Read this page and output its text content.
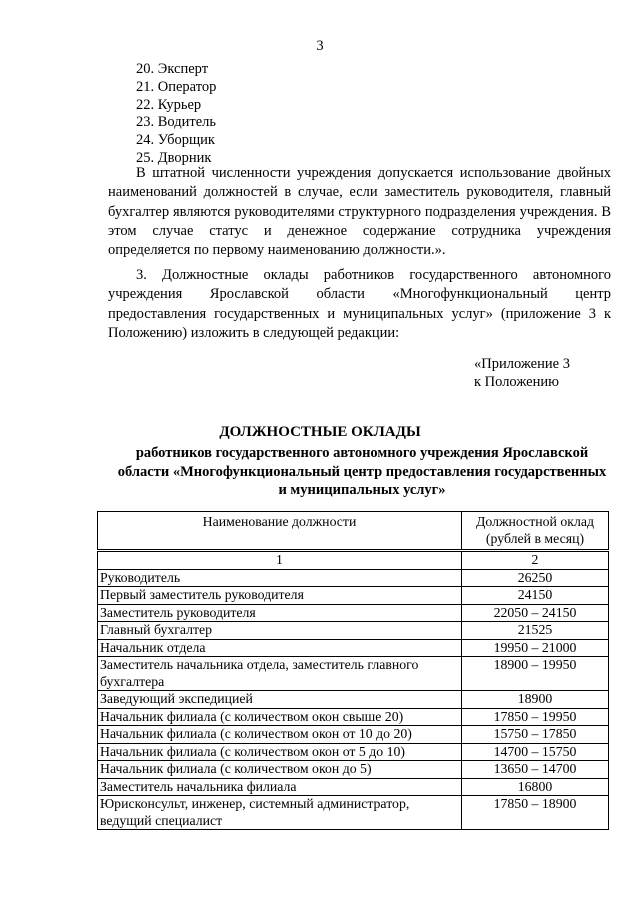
3
20. Эксперт
21. Оператор
22. Курьер
23. Водитель
24. Уборщик
25. Дворник

В штатной численности учреждения допускается использование двойных наименований должностей в случае, если заместитель руководителя, главный бухгалтер являются руководителями структурного подразделения учреждения. В этом случае статус и денежное содержание сотрудника учреждения определяется по первому наименованию должности.».

3. Должностные оклады работников государственного автономного учреждения Ярославской области «Многофункциональный центр предоставления государственных и муниципальных услуг» (приложение 3 к Положению) изложить в следующей редакции:

«Приложение 3
к Положению
ДОЛЖНОСТНЫЕ ОКЛАДЫ
работников государственного автономного учреждения Ярославской области «Многофункциональный центр предоставления государственных и муниципальных услуг»
Наименование должности	Должностной оклад (рублей в месяц)
1	2
Руководитель	26250
Первый заместитель руководителя	24150
Заместитель руководителя	22050 – 24150
Главный бухгалтер	21525
Начальник отдела	19950 – 21000
Заместитель начальника отдела, заместитель главного бухгалтера	18900 – 19950
Заведующий экспедицией	18900
Начальник филиала (с количеством окон свыше 20)	17850 – 19950
Начальник филиала (с количеством окон от 10 до 20)	15750 – 17850
Начальник филиала (с количеством окон от 5 до 10)	14700 – 15750
Начальник филиала (с количеством окон до 5)	13650 – 14700
Заместитель начальника филиала	16800
Юрисконсульт, инженер, системный администратор, ведущий специалист	17850 – 18900
